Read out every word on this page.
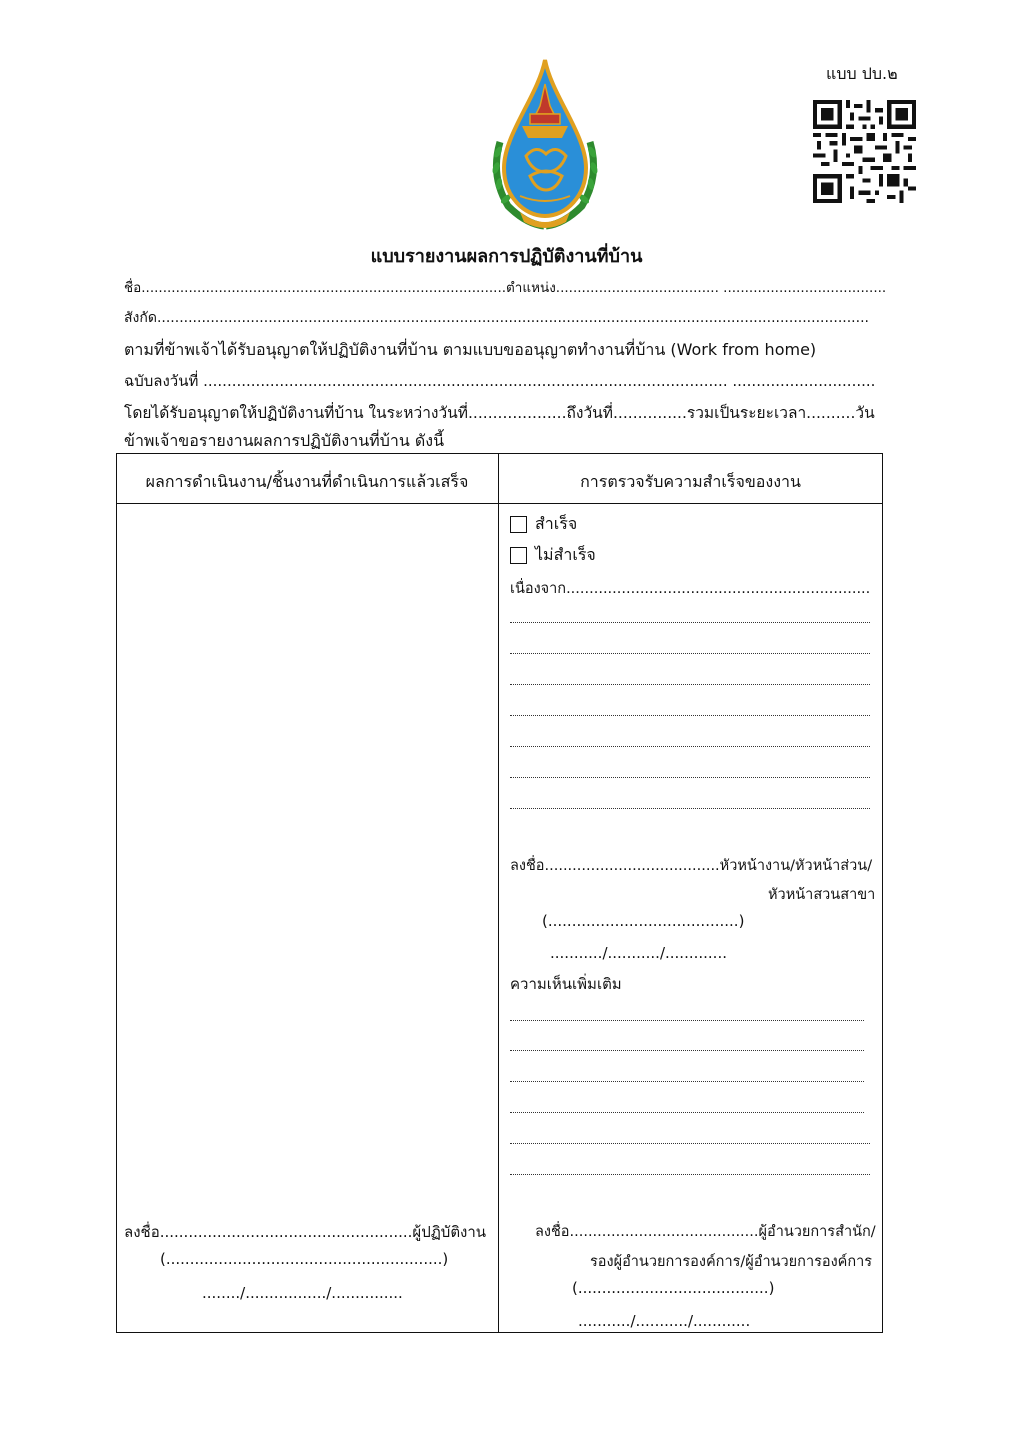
แบบ ปบ.๒
แบบรายงานผลการปฏิบัติงานที่บ้าน
ชื่อ.....................................................................................ตำแหน่ง...................................... ......................................
สังกัด................................................................................................................................................................
ตามที่ข้าพเจ้าได้รับอนุญาตให้ปฏิบัติงานที่บ้าน ตามแบบขออนุญาตทำงานที่บ้าน (Work from home)
ฉบับลงวันที่ .............................................................................................................. ..............................
โดยได้รับอนุญาตให้ปฏิบัติงานที่บ้าน ในระหว่างวันที่....................ถึงวันที่...............รวมเป็นระยะเวลา..........วัน
ข้าพเจ้าขอรายงานผลการปฏิบัติงานที่บ้าน ดังนี้
ผลการดำเนินงาน/ชิ้นงานที่ดำเนินการแล้วเสร็จ	การตรวจรับความสำเร็จของงาน
สำเร็จ
ไม่สำเร็จ
เนื่องจาก..................................................................
ลงชื่อ......................................หัวหน้างาน/หัวหน้าส่วน/
หัวหน้าสวนสาขา
(........................................)
.........../.........../.............
ความเห็นเพิ่มเติม
ลงชื่อ.........................................ผู้อำนวยการสำนัก/
รองผู้อำนวยการองค์การ/ผู้อำนวยการองค์การ
(........................................)
.........../.........../............
ลงชื่อ.....................................................ผู้ปฏิบัติงาน
(..........................................................)
......../................./...............
